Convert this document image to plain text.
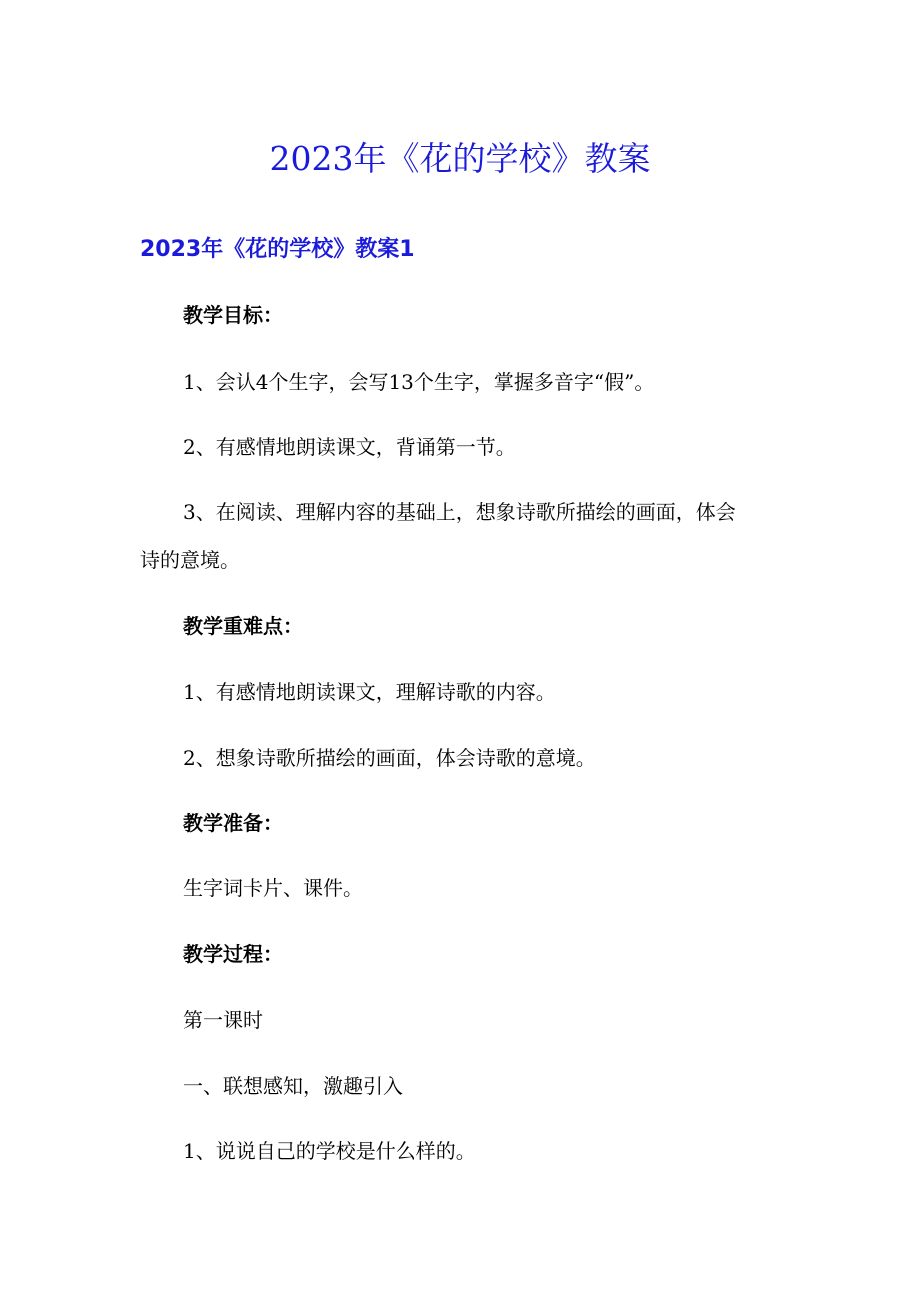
2023年《花的学校》教案
2023年《花的学校》教案1

教学目标：

1、会认4个生字，会写13个生字，掌握多音字“假”。

2、有感情地朗读课文，背诵第一节。

3、在阅读、理解内容的基础上，想象诗歌所描绘的画面，体会

诗的意境。

教学重难点：

1、有感情地朗读课文，理解诗歌的内容。

2、想象诗歌所描绘的画面，体会诗歌的意境。

教学准备：

生字词卡片、课件。

教学过程：

第一课时

一、联想感知，激趣引入

1、说说自己的学校是什么样的。
